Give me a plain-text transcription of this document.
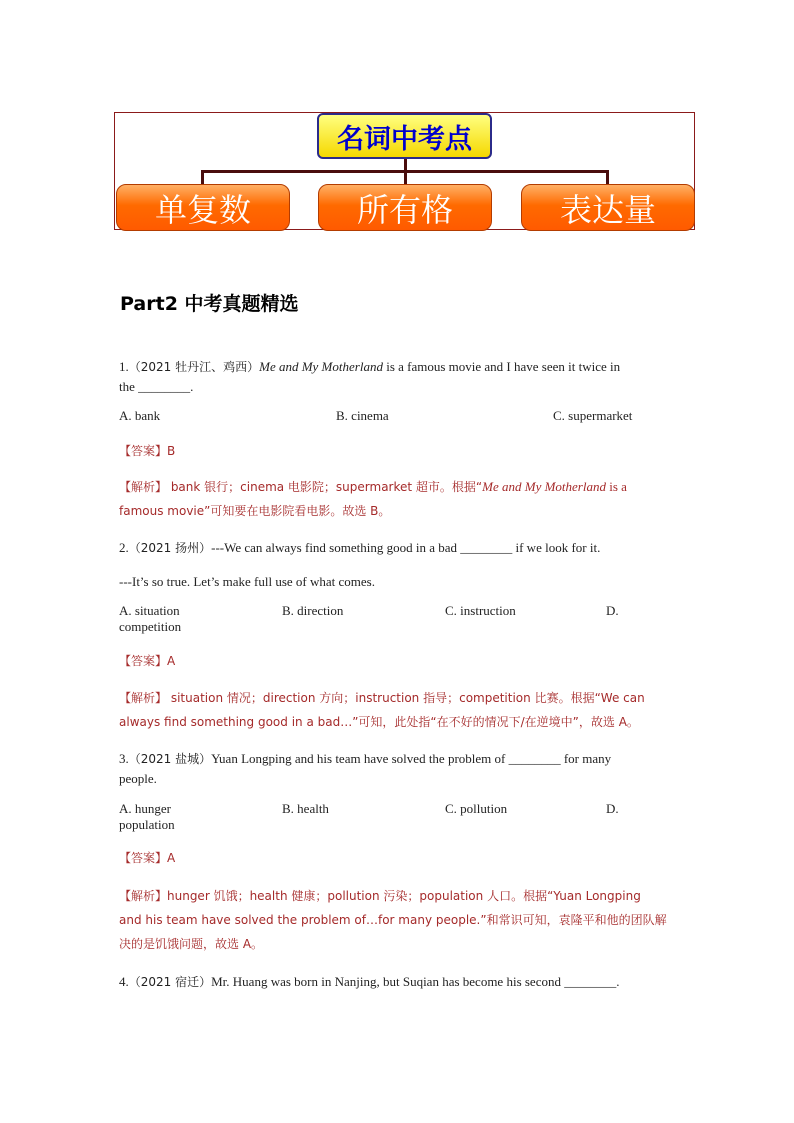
名词中考点
单复数	所有格	表达量
Part2 中考真题精选
1.（2021 牡丹江、鸡西）Me and My Motherland is a famous movie and I have seen it twice in
the ________.
A. bank	B. cinema	C. supermarket
【答案】B
【解析】 bank 银行；cinema 电影院；supermarket 超市。根据“Me and My Motherland is a
famous movie”可知要在电影院看电影。故选 B。
2.（2021 扬州）---We can always find something good in a bad ________ if we look for it.
---It’s so true. Let’s make full use of what comes.
A. situation	B. direction	C. instruction	D.
competition
【答案】A
【解析】 situation 情况；direction 方向；instruction 指导；competition 比赛。根据“We can
always find something good in a bad…”可知，此处指“在不好的情况下/在逆境中”，故选 A。
3.（2021 盐城）Yuan Longping and his team have solved the problem of ________ for many
people.
A. hunger	B. health	C. pollution	D.
population
【答案】A
【解析】hunger 饥饿；health 健康；pollution 污染；population 人口。根据“Yuan Longping
and his team have solved the problem of…for many people.”和常识可知，袁隆平和他的团队解
决的是饥饿问题，故选 A。
4.（2021 宿迁）Mr. Huang was born in Nanjing, but Suqian has become his second ________.
